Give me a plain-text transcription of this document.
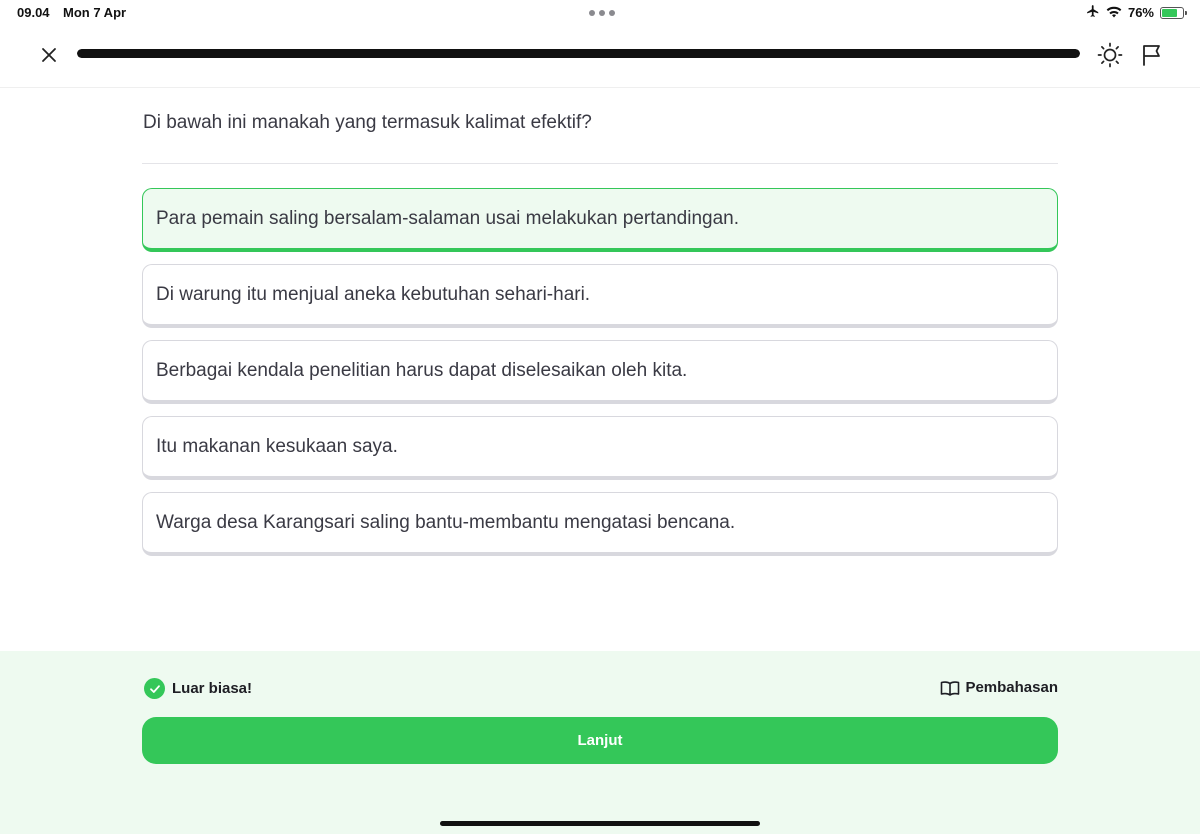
09.04 Mon 7 Apr	76%
Di bawah ini manakah yang termasuk kalimat efektif?
Para pemain saling bersalam-salaman usai melakukan pertandingan.
Di warung itu menjual aneka kebutuhan sehari-hari.
Berbagai kendala penelitian harus dapat diselesaikan oleh kita.
Itu makanan kesukaan saya.
Warga desa Karangsari saling bantu-membantu mengatasi bencana.
Luar biasa!	Pembahasan
Lanjut
